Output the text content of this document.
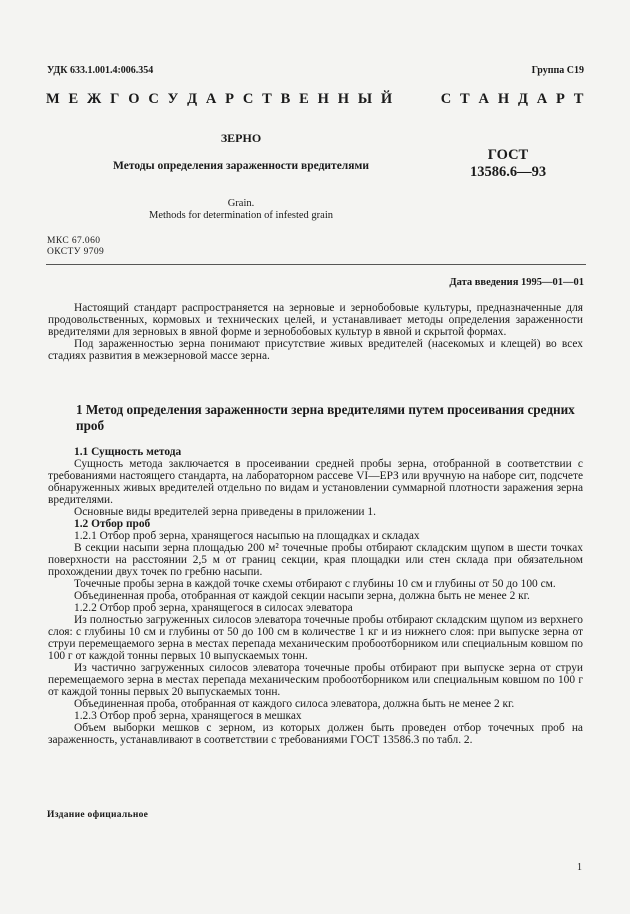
УДК 633.1.001.4:006.354	Группа С19
М Е Ж Г О С У Д А Р С Т В Е Н Н Ы Й	С Т А Н Д А Р Т
ЗЕРНО
Методы определения зараженности вредителями
ГОСТ
13586.6—93
Grain.
Methods for determination of infested grain
МКС 67.060
ОКСТУ 9709
Дата введения 1995—01—01

Настоящий стандарт распространяется на зерновые и зернобобовые культуры, предназначенные для продовольственных, кормовых и технических целей, и устанавливает методы определения зараженности вредителями для зерновых в явной форме и зернобобовых культур в явной и скрытой формах.

Под зараженностью зерна понимают присутствие живых вредителей (насекомых и клещей) во всех стадиях развития в межзерновой массе зерна.

1 Метод определения зараженности зерна вредителями путем просеивания средних проб

1.1 Сущность метода

Сущность метода заключается в просеивании средней пробы зерна, отобранной в соответствии с требованиями настоящего стандарта, на лабораторном рассеве VI—ЕРЗ или вручную на наборе сит, подсчете обнаруженных живых вредителей отдельно по видам и установлении суммарной плотности заражения зерна вредителями.

Основные виды вредителей зерна приведены в приложении 1.

1.2 Отбор проб

1.2.1 Отбор проб зерна, хранящегося насыпью на площадках и складах

В секции насыпи зерна площадью 200 м² точечные пробы отбирают складским щупом в шести точках поверхности на расстоянии 2,5 м от границ секции, края площадки или стен склада при обязательном прохождении двух точек по гребню насыпи.

Точечные пробы зерна в каждой точке схемы отбирают с глубины 10 см и глубины от 50 до 100 см.

Объединенная проба, отобранная от каждой секции насыпи зерна, должна быть не менее 2 кг.

1.2.2 Отбор проб зерна, хранящегося в силосах элеватора

Из полностью загруженных силосов элеватора точечные пробы отбирают складским щупом из верхнего слоя: с глубины 10 см и глубины от 50 до 100 см в количестве 1 кг и из нижнего слоя: при выпуске зерна от струи перемещаемого зерна в местах перепада механическим пробоотборником или специальным ковшом по 100 г от каждой тонны первых 10 выпускаемых тонн.

Из частично загруженных силосов элеватора точечные пробы отбирают при выпуске зерна от струи перемещаемого зерна в местах перепада механическим пробоотборником или специальным ковшом по 100 г от каждой тонны первых 20 выпускаемых тонн.

Объединенная проба, отобранная от каждого силоса элеватора, должна быть не менее 2 кг.

1.2.3 Отбор проб зерна, хранящегося в мешках

Объем выборки мешков с зерном, из которых должен быть проведен отбор точечных проб на зараженность, устанавливают в соответствии с требованиями ГОСТ 13586.3 по табл. 2.

Издание официальное
1
